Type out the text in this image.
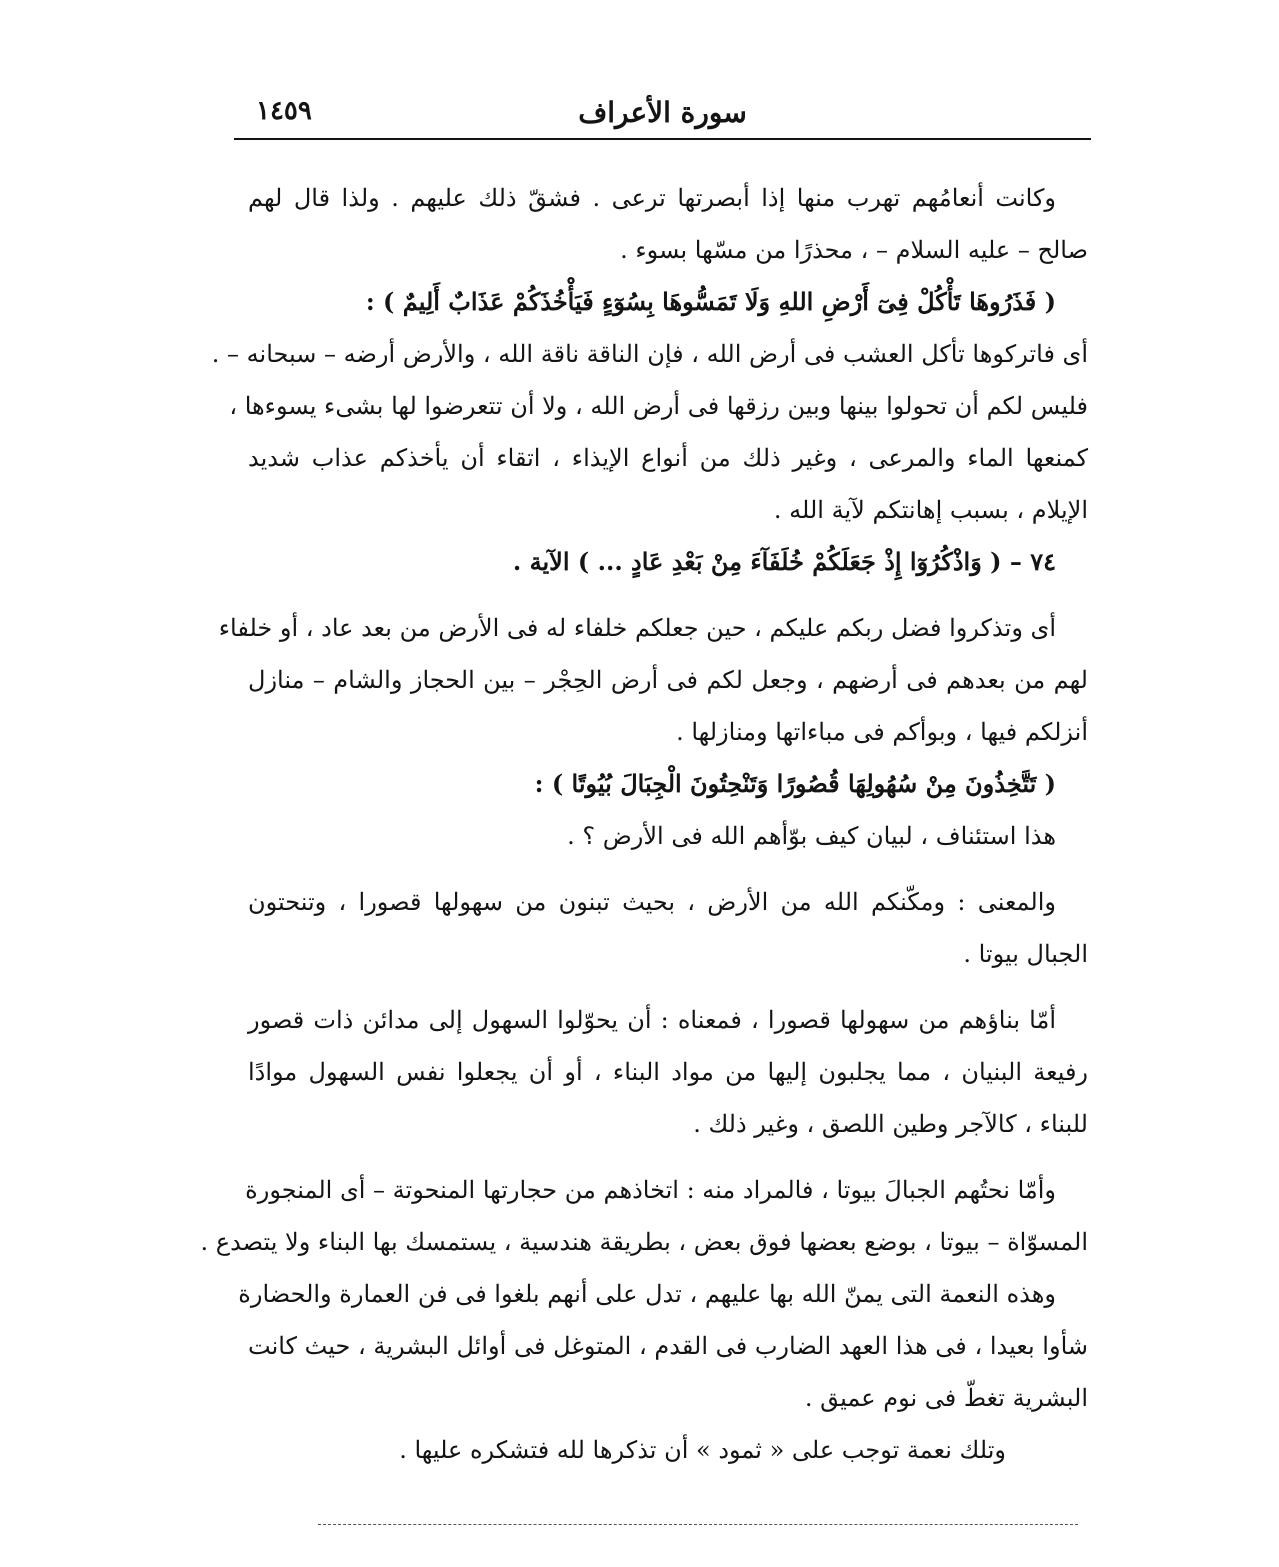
١٤٥٩	سورة الأعراف
وكانت أنعامُهم تهرب منها إذا أبصرتها ترعى . فشقّ ذلك عليهم . ولذا قال لهم
صالح – عليه السلام – ، محذرًا من مسّها بسوء .
( فَذَرُوهَا تَأْكُلْ فِىٓ أَرْضِ اللهِ وَلَا تَمَسُّوهَا بِسُوٓءٍ فَيَأْخُذَكُمْ عَذَابٌ أَلِيمٌ ) :
أى فاتركوها تأكل العشب فى أرض الله ، فإن الناقة ناقة الله ، والأرض أرضه – سبحانه – .
فليس لكم أن تحولوا بينها وبين رزقها فى أرض الله ، ولا أن تتعرضوا لها بشىء يسوءها ،
كمنعها الماء والمرعى ، وغير ذلك من أنواع الإيذاء ، اتقاء أن يأخذكم عذاب شديد
الإيلام ، بسبب إهانتكم لآية الله .
٧٤ – ( وَاذْكُرُوٓا إِذْ جَعَلَكُمْ خُلَفَآءَ مِنْ بَعْدِ عَادٍ ... ) الآية .
أى وتذكروا فضل ربكم عليكم ، حين جعلكم خلفاء له فى الأرض من بعد عاد ، أو خلفاء
لهم من بعدهم فى أرضهم ، وجعل لكم فى أرض الحِجْر – بين الحجاز والشام – منازل
أنزلكم فيها ، وبوأكم فى مباءاتها ومنازلها .
( تَتَّخِذُونَ مِنْ سُهُولِهَا قُصُورًا وَتَنْحِتُونَ الْجِبَالَ بُيُوتًا ) :
هذا استئناف ، لبيان كيف بوّأهم الله فى الأرض ؟ .
والمعنى : ومكّنكم الله من الأرض ، بحيث تبنون من سهولها قصورا ، وتنحتون
الجبال بيوتا .
أمّا بناؤهم من سهولها قصورا ، فمعناه : أن يحوّلوا السهول إلى مدائن ذات قصور
رفيعة البنيان ، مما يجلبون إليها من مواد البناء ، أو أن يجعلوا نفس السهول موادًا
للبناء ، كالآجر وطين اللصق ، وغير ذلك .
وأمّا نحتُهم الجبالَ بيوتا ، فالمراد منه : اتخاذهم من حجارتها المنحوتة – أى المنجورة
المسوّاة – بيوتا ، بوضع بعضها فوق بعض ، بطريقة هندسية ، يستمسك بها البناء ولا يتصدع .
وهذه النعمة التى يمنّ الله بها عليهم ، تدل على أنهم بلغوا فى فن العمارة والحضارة
شأوا بعيدا ، فى هذا العهد الضارب فى القدم ، المتوغل فى أوائل البشرية ، حيث كانت
البشرية تغطّ فى نوم عميق .
وتلك نعمة توجب على « ثمود » أن تذكرها لله فتشكره عليها .
